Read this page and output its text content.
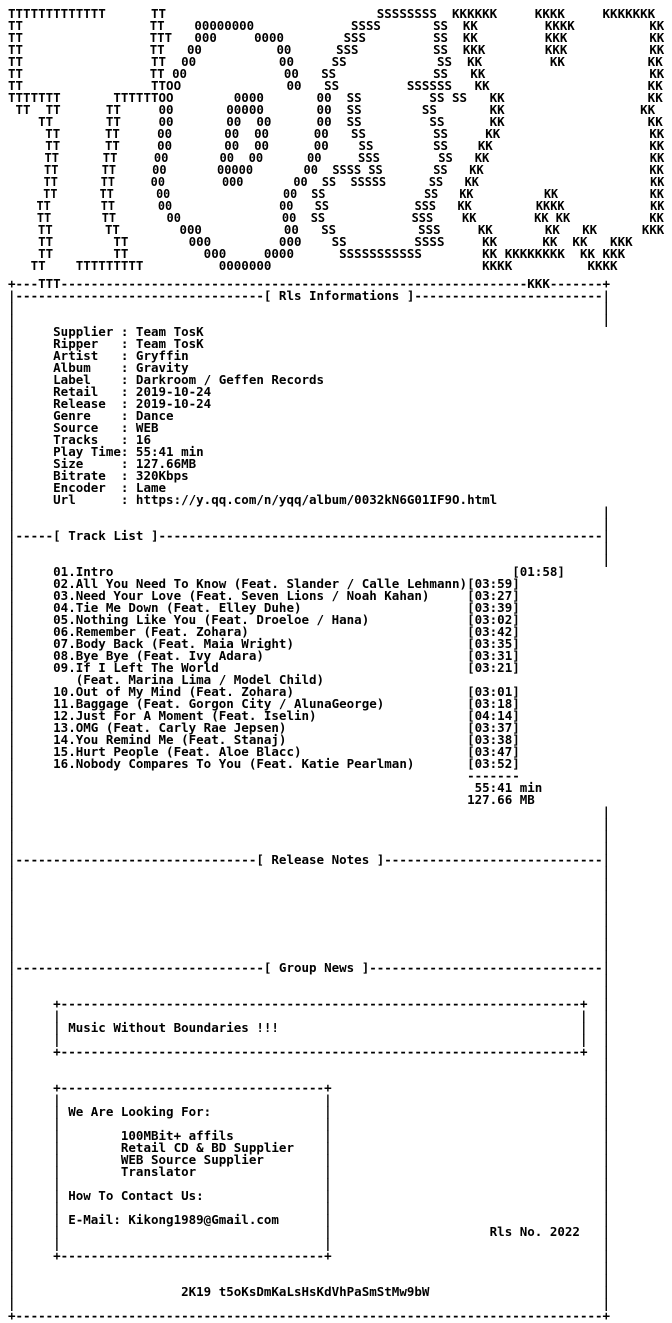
TTTTTTTTTTTTT      TT                            SSSSSSSS  KKKKKK     KKKK     KKKKKKK
TT                 TT    00000000             SSSS       SS  KK         KKKK          KK
TT                 TTT   000     0000        SSS         SS  KK         KKK           KK
TT                 TT   00          00      SSS          SS  KKK        KKK           KK
TT                 TT  00           00     SS            SS  KK         KK           KK
TT                 TT 00             00   SS             SS   KK                      KK
TT                 TTOO              00   SS         SSSSSS   KK                     KK
TTTTTTT       TTTTTTOO        0000       00  SS         SS SS   KK                   KK
TT  TT      TT     00       00000       00  SS        SS       KK                  KK
TT       TT     00       00  00      00  SS         SS      KK                   KK
TT      TT     00       00  00      00   SS         SS     KK                    KK
TT      TT     00       00  00      00    SS        SS    KK                     KK
TT      TT     00       00  00      00     SSS        SS   KK                      KK
TT      TT     00       00000       00  SSSS SS       SS   KK                       KK
TT      TT     00        000       00  SS  SSSSS      SS   KK                        KK
TT      TT      00                00  SS              SS   KK          KK             KK
TT       TT      00               00   SS            SSS   KK         KKKK            KK
TT       TT       00              00  SS            SSS    KK        KK KK           KK
TT       TT        000           00   SS           SSS     KK       KK   KK      KKK
TT        TT        000         000    SS         SSSS     KK      KK  KK   KKK
TT        TT          000     0000      SSSSSSSSSSS        KK KKKKKKKK  KK KKK
TT    TTTTTTTTT          0000000                            KKKK          KKKK
+---TTT--------------------------------------------------------------KKK-------+
|---------------------------------[ Rls Informations ]-------------------------|
|                                                                              |
|                                                                              |
|     Supplier : Team TosK
|     Ripper   : Team TosK
|     Artist   : Gryffin
|     Album    : Gravity
|     Label    : Darkroom / Geffen Records
|     Retail   : 2019-10-24
|     Release  : 2019-10-24
|     Genre    : Dance
|     Source   : WEB
|     Tracks   : 16
|     Play Time: 55:41 min
|     Size     : 127.66MB
|     Bitrate  : 320Kbps
|     Encoder  : Lame
|     Url      : https://y.qq.com/n/yqq/album/0032kN6G01IF9O.html
|                                                                              |
|                                                                              |
|-----[ Track List ]-----------------------------------------------------------|
|                                                                              |
|                                                                              |
|     01.Intro                                                     [01:58]
|     02.All You Need To Know (Feat. Slander / Calle Lehmann)[03:59]
|     03.Need Your Love (Feat. Seven Lions / Noah Kahan)     [03:27]
|     04.Tie Me Down (Feat. Elley Duhe)                      [03:39]
|     05.Nothing Like You (Feat. Droeloe / Hana)             [03:02]
|     06.Remember (Feat. Zohara)                             [03:42]
|     07.Body Back (Feat. Maia Wright)                       [03:35]
|     08.Bye Bye (Feat. Ivy Adara)                           [03:31]
|     09.If I Left The World                                 [03:21]
|        (Feat. Marina Lima / Model Child)
|     10.Out of My Mind (Feat. Zohara)                       [03:01]
|     11.Baggage (Feat. Gorgon City / AlunaGeorge)           [03:18]
|     12.Just For A Moment (Feat. Iselin)                    [04:14]
|     13.OMG (Feat. Carly Rae Jepsen)                        [03:37]
|     14.You Remind Me (Feat. Stanaj)                        [03:38]
|     15.Hurt People (Feat. Aloe Blacc)                      [03:47]
|     16.Nobody Compares To You (Feat. Katie Pearlman)       [03:52]
|                                                            -------
|                                                             55:41 min
|                                                            127.66 MB
|                                                                              |
|                                                                              |
|                                                                              |
|                                                                              |
|--------------------------------[ Release Notes ]-----------------------------|
|                                                                              |
|                                                                              |
|                                                                              |
|                                                                              |
|                                                                              |
|                                                                              |
|                                                                              |
|                                                                              |
|---------------------------------[ Group News ]-------------------------------|
|                                                                              |
|                                                                              |
|     +---------------------------------------------------------------------+  |
|     |                                                                     |  |
|     | Music Without Boundaries !!!                                        |  |
|     |                                                                     |  |
|     +---------------------------------------------------------------------+  |
|                                                                              |
|                                                                              |
|     +-----------------------------------+                                    |
|     |                                   |                                    |
|     | We Are Looking For:               |                                    |
|     |                                   |                                    |
|     |        100MBit+ affils            |                                    |
|     |        Retail CD & BD Supplier    |                                    |
|     |        WEB Source Supplier        |                                    |
|     |        Translator                 |                                    |
|     |                                   |                                    |
|     | How To Contact Us:                |                                    |
|     |                                   |                                    |
|     | E-Mail: Kikong1989@Gmail.com      |                                    |
|     |                                   |                     Rls No. 2022   |
|     |                                   |                                    |
|     +-----------------------------------+                                    |
|                                                                              |
|                                                                              |
|                      2K19 t5oKsDmKaLsHsKdVhPaSmStMw9bW                       |
|                                                                              |
+------------------------------------------------------------------------------+
